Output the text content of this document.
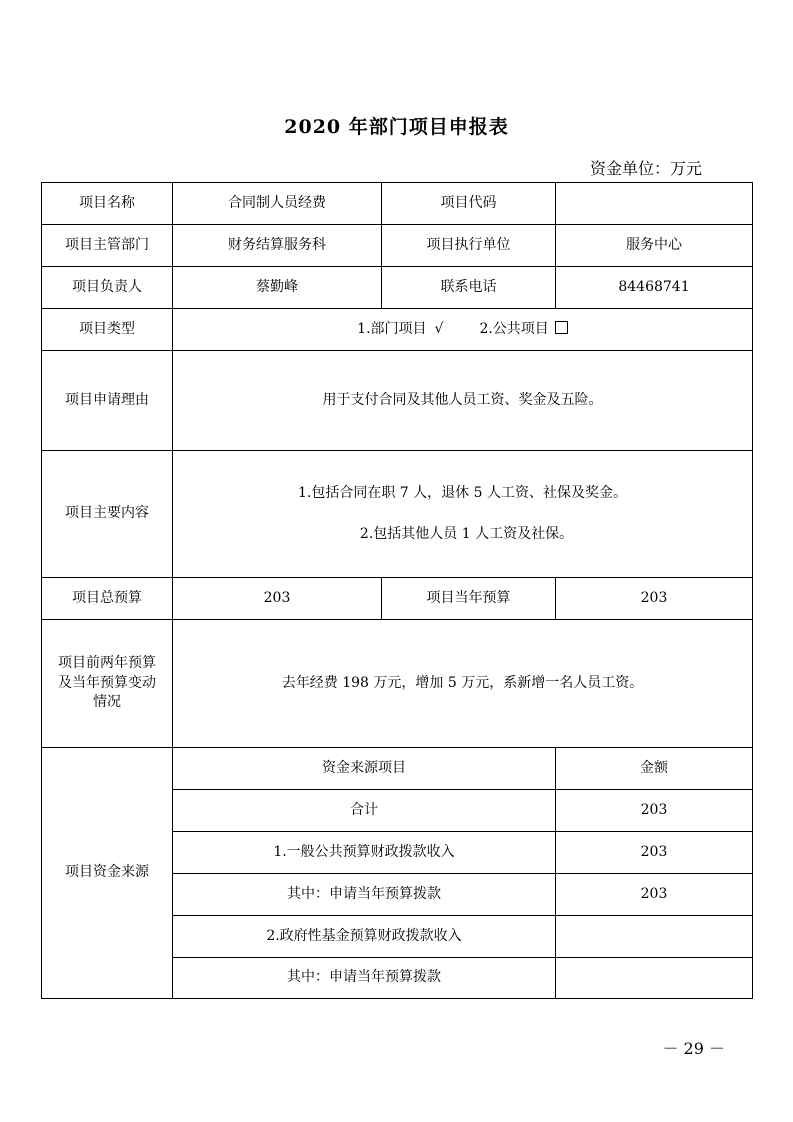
2020 年部门项目申报表
资金单位：万元
项目名称	合同制人员经费	项目代码	
项目主管部门	财务结算服务科	项目执行单位	服务中心
项目负责人	蔡勤峰	联系电话	84468741
项目类型	1.部门项目 √ 2.公共项目		
项目申请理由	用于支付合同及其他人员工资、奖金及五险。		
项目主要内容	1.包括合同在职 7 人，退休 5 人工资、社保及奖金。
2.包括其他人员 1 人工资及社保。		

项目总预算	203	项目当年预算	203

项目前两年预算
及当年预算变动
情况	去年经费 198 万元，增加 5 万元，系新增一名人员工资。		
项目资金来源	资金来源项目		金额
	合计		203
	1.一般公共预算财政拨款收入		203
	其中：申请当年预算拨款		203
	2.政府性基金预算财政拨款收入		
	其中：申请当年预算拨款		
－ 29 －
